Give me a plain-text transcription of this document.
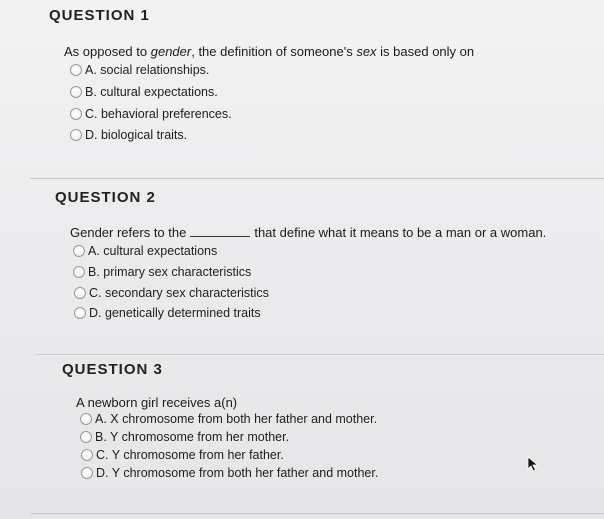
QUESTION 1
As opposed to gender, the definition of someone's sex is based only on
A. social relationships.
B. cultural expectations.
C. behavioral preferences.
D. biological traits.
QUESTION 2
Gender refers to the	that define what it means to be a man or a woman.
A. cultural expectations
B. primary sex characteristics
C. secondary sex characteristics
D. genetically determined traits
QUESTION 3
A newborn girl receives a(n)
A. X chromosome from both her father and mother.
B. Y chromosome from her mother.
C. Y chromosome from her father.
D. Y chromosome from both her father and mother.
